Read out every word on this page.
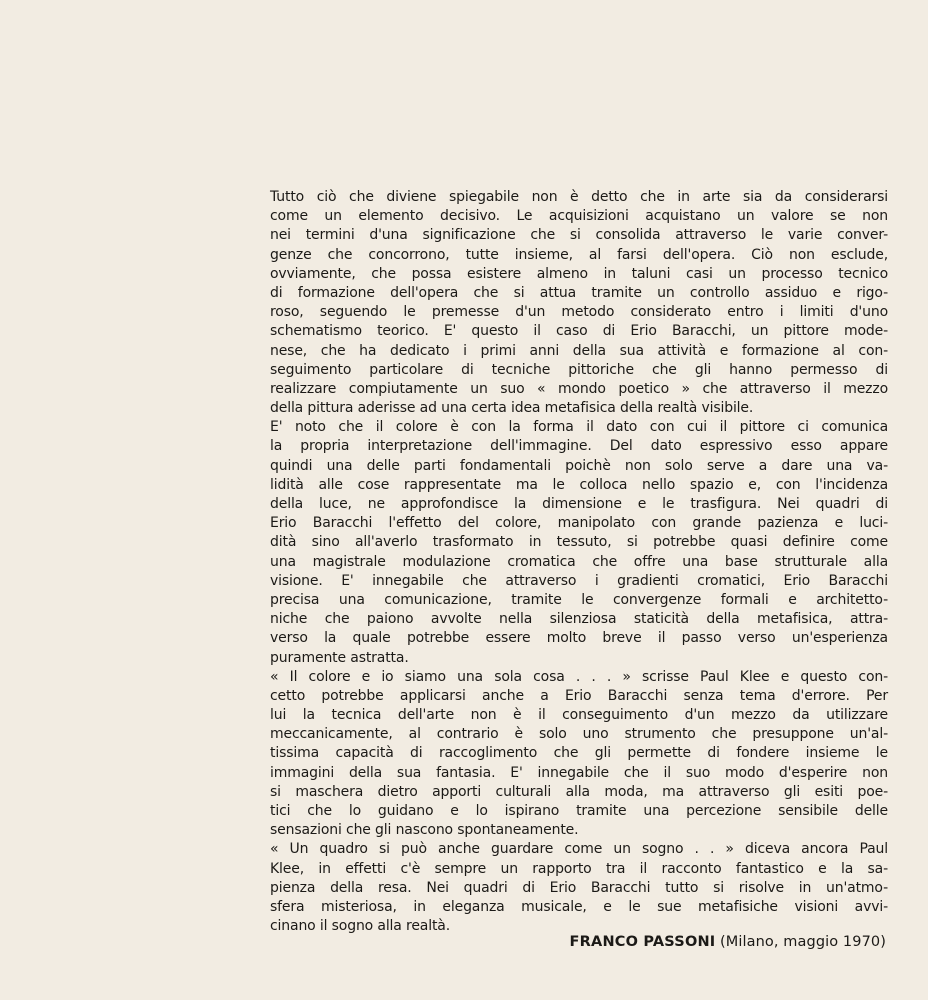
Tutto ciò che diviene spiegabile non è detto che in arte sia da considerarsi
come un elemento decisivo. Le acquisizioni acquistano un valore se non
nei termini d'una significazione che si consolida attraverso le varie conver-
genze che concorrono, tutte insieme, al farsi dell'opera. Ciò non esclude,
ovviamente, che possa esistere almeno in taluni casi un processo tecnico
di formazione dell'opera che si attua tramite un controllo assiduo e rigo-
roso, seguendo le premesse d'un metodo considerato entro i limiti d'uno
schematismo teorico. E' questo il caso di Erio Baracchi, un pittore mode-
nese, che ha dedicato i primi anni della sua attività e formazione al con-
seguimento particolare di tecniche pittoriche che gli hanno permesso di
realizzare compiutamente un suo « mondo poetico » che attraverso il mezzo
della pittura aderisse ad una certa idea metafisica della realtà visibile.
E' noto che il colore è con la forma il dato con cui il pittore ci comunica
la propria interpretazione dell'immagine. Del dato espressivo esso appare
quindi una delle parti fondamentali poichè non solo serve a dare una va-
lidità alle cose rappresentate ma le colloca nello spazio e, con l'incidenza
della luce, ne approfondisce la dimensione e le trasfigura. Nei quadri di
Erio Baracchi l'effetto del colore, manipolato con grande pazienza e luci-
dità sino all'averlo trasformato in tessuto, si potrebbe quasi definire come
una magistrale modulazione cromatica che offre una base strutturale alla
visione. E' innegabile che attraverso i gradienti cromatici, Erio Baracchi
precisa una comunicazione, tramite le convergenze formali e architetto-
niche che paiono avvolte nella silenziosa staticità della metafisica, attra-
verso la quale potrebbe essere molto breve il passo verso un'esperienza
puramente astratta.
« Il colore e io siamo una sola cosa . . . » scrisse Paul Klee e questo con-
cetto potrebbe applicarsi anche a Erio Baracchi senza tema d'errore. Per
lui la tecnica dell'arte non è il conseguimento d'un mezzo da utilizzare
meccanicamente, al contrario è solo uno strumento che presuppone un'al-
tissima capacità di raccoglimento che gli permette di fondere insieme le
immagini della sua fantasia. E' innegabile che il suo modo d'esperire non
si maschera dietro apporti culturali alla moda, ma attraverso gli esiti poe-
tici che lo guidano e lo ispirano tramite una percezione sensibile delle
sensazioni che gli nascono spontaneamente.
« Un quadro si può anche guardare come un sogno . . » diceva ancora Paul
Klee, in effetti c'è sempre un rapporto tra il racconto fantastico e la sa-
pienza della resa. Nei quadri di Erio Baracchi tutto si risolve in un'atmo-
sfera misteriosa, in eleganza musicale, e le sue metafisiche visioni avvi-
cinano il sogno alla realtà.
FRANCO PASSONI (Milano, maggio 1970)
